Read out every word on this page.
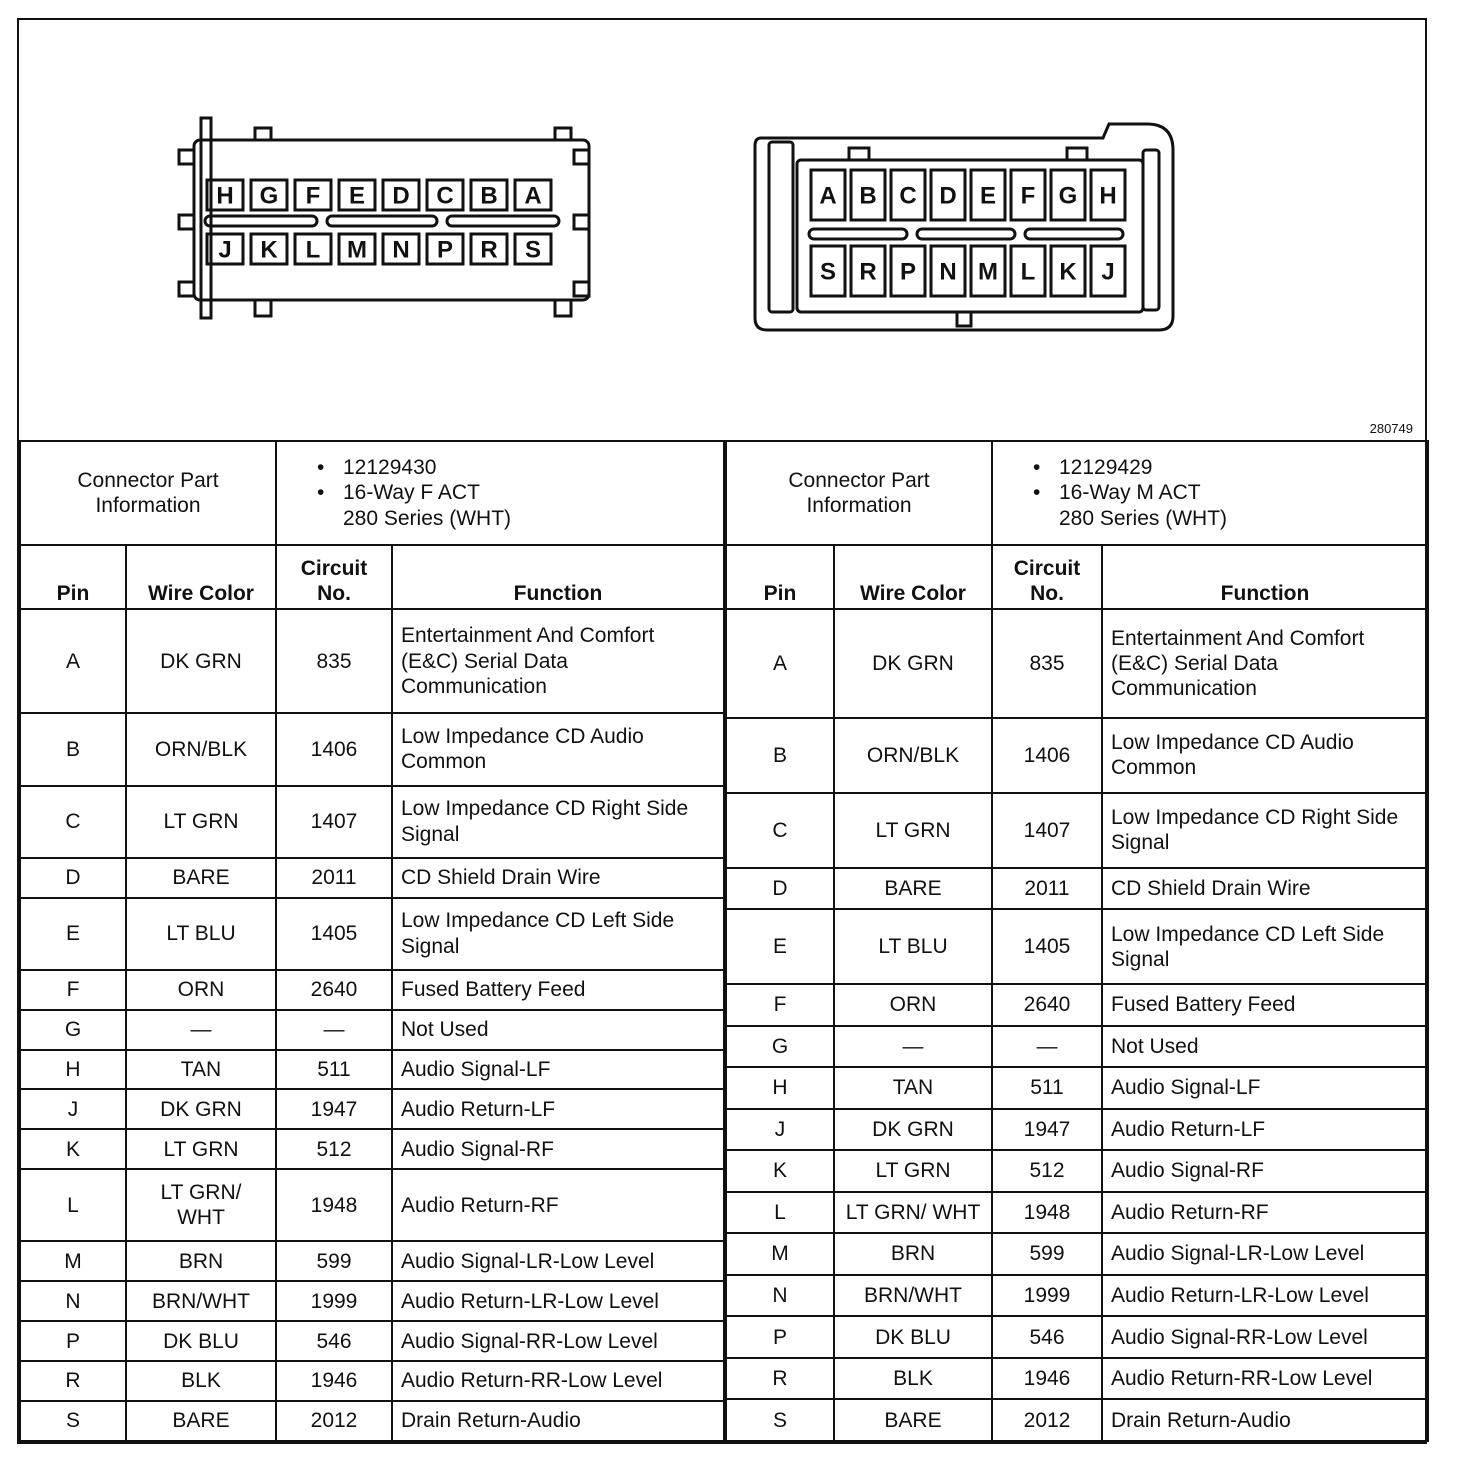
H G F E D C B A
J K L M N P R S
A B C D E F G H
S R P N M L K J
280749
Connector Part Information		• 12129430
• 16-Way F ACT
280 Series (WHT)

Pin	Wire Color	Circuit No.	Function
A	DK GRN	835	Entertainment And Comfort (E&C) Serial Data Communication
B	ORN/BLK	1406	Low Impedance CD Audio Common
C	LT GRN	1407	Low Impedance CD Right Side Signal
D	BARE	2011	CD Shield Drain Wire
E	LT BLU	1405	Low Impedance CD Left Side Signal
F	ORN	2640	Fused Battery Feed
G	—	—	Not Used
H	TAN	511	Audio Signal-LF
J	DK GRN	1947	Audio Return-LF
K	LT GRN	512	Audio Signal-RF
L	LT GRN/ WHT	1948	Audio Return-RF
M	BRN	599	Audio Signal-LR-Low Level
N	BRN/WHT	1999	Audio Return-LR-Low Level
P	DK BLU	546	Audio Signal-RR-Low Level
R	BLK	1946	Audio Return-RR-Low Level
S	BARE	2012	Drain Return-Audio
Connector Part Information		• 12129429
• 16-Way M ACT
280 Series (WHT)

Pin	Wire Color	Circuit No.	Function
A	DK GRN	835	Entertainment And Comfort (E&C) Serial Data Communication
B	ORN/BLK	1406	Low Impedance CD Audio Common
C	LT GRN	1407	Low Impedance CD Right Side Signal
D	BARE	2011	CD Shield Drain Wire
E	LT BLU	1405	Low Impedance CD Left Side Signal
F	ORN	2640	Fused Battery Feed
G	—	—	Not Used
H	TAN	511	Audio Signal-LF
J	DK GRN	1947	Audio Return-LF
K	LT GRN	512	Audio Signal-RF
L	LT GRN/ WHT	1948	Audio Return-RF
M	BRN	599	Audio Signal-LR-Low Level
N	BRN/WHT	1999	Audio Return-LR-Low Level
P	DK BLU	546	Audio Signal-RR-Low Level
R	BLK	1946	Audio Return-RR-Low Level
S	BARE	2012	Drain Return-Audio
